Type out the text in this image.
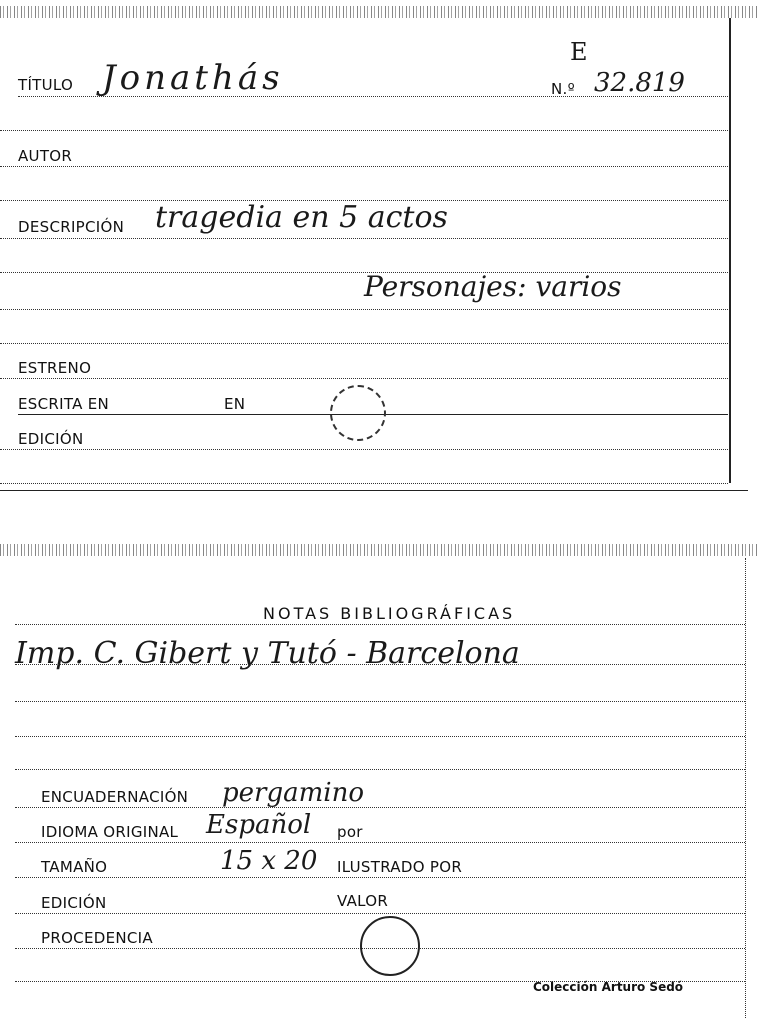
E
TÍTULO Jonathás	N.º 32.819
AUTOR
DESCRIPCIÓN tragedia en 5 actos
Personajes: varios
ESTRENO
ESCRITA EN	EN
EDICIÓN
NOTAS BIBLIOGRÁFICAS
Imp. C. Gibert y Tutó - Barcelona
ENCUADERNACIÓN pergamino
IDIOMA ORIGINAL Español por
TAMAÑO	15 x 20 ILUSTRADO POR
EDICIÓN	VALOR
PROCEDENCIA
Colección Arturo Sedó
